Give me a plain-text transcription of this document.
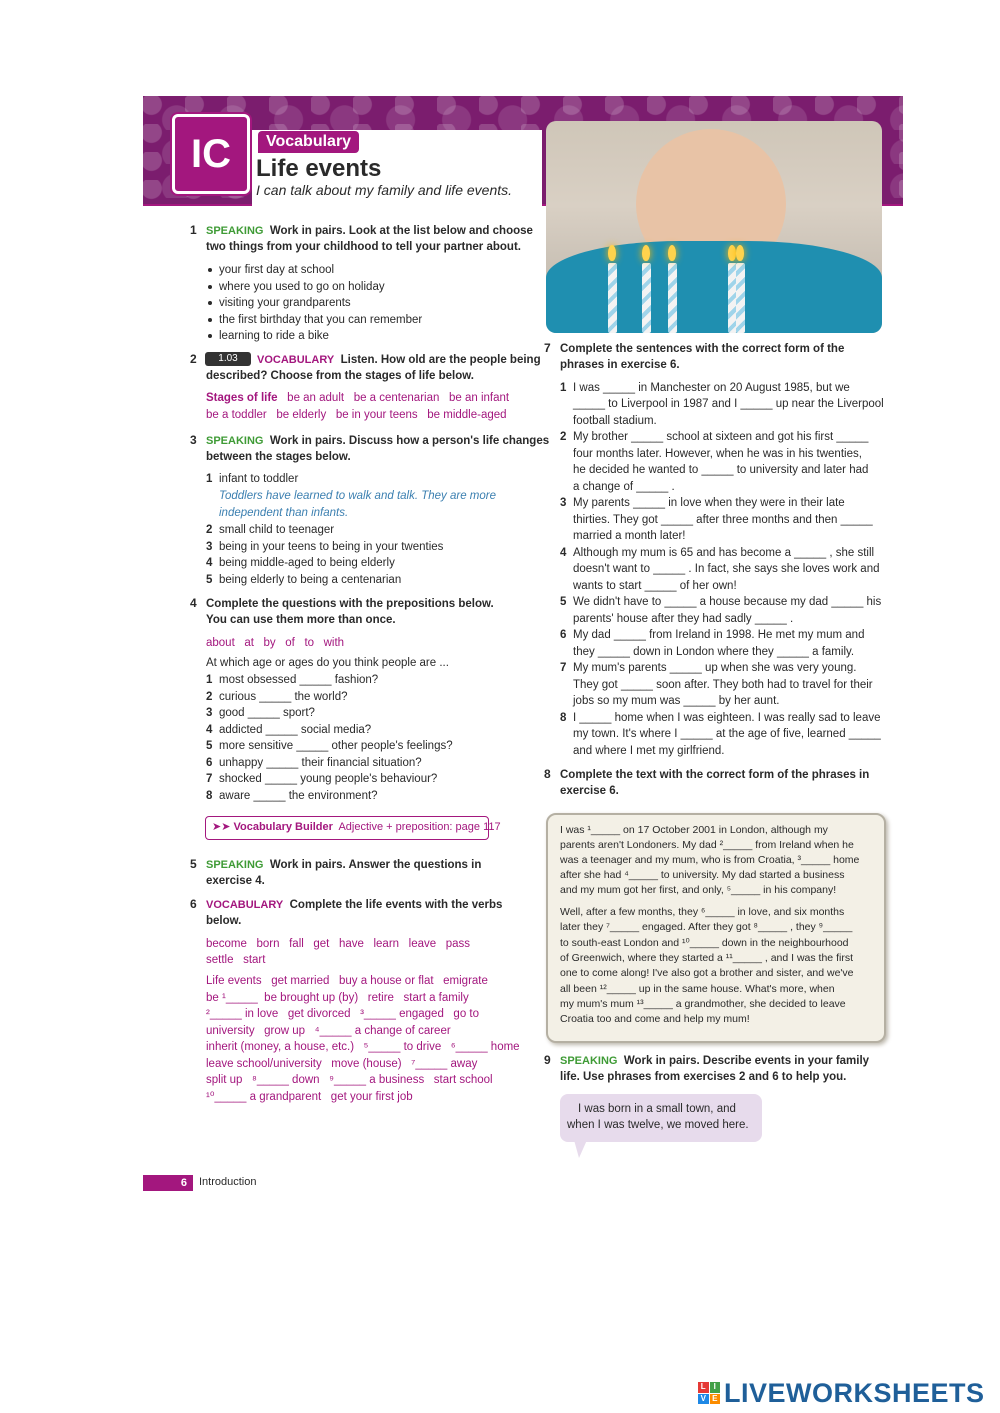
IC	Vocabulary
Life events
I can talk about my family and life events.
1 SPEAKING Work in pairs. Look at the list below and choose
two things from your childhood to tell your partner about.
your first day at school
where you used to go on holiday
visiting your grandparents
the first birthday that you can remember
learning to ride a bike
2	1.03	VOCABULARY Listen. How old are the people being
described? Choose from the stages of life below.
Stages of life be an adult be a centenarian be an infant
be a toddler be elderly be in your teens be middle-aged
3 SPEAKING Work in pairs. Discuss how a person's life changes
between the stages below.
1 infant to toddler
Toddlers have learned to walk and talk. They are more
independent than infants.
2 small child to teenager
3 being in your teens to being in your twenties
4 being middle-aged to being elderly
5 being elderly to being a centenarian
4 Complete the questions with the prepositions below.
You can use them more than once.
about   at   by   of   to   with
At which age or ages do you think people are ...
1 most obsessed _____ fashion?
2 curious _____ the world?
3 good _____ sport?
4 addicted _____ social media?
5 more sensitive _____ other people's feelings?
6 unhappy _____ their financial situation?
7 shocked _____ young people's behaviour?
8 aware _____ the environment?
➤➤ Vocabulary Builder Adjective + preposition: page 117
5 SPEAKING Work in pairs. Answer the questions in
exercise 4.
6 VOCABULARY Complete the life events with the verbs
below.
become   born   fall   get   have   learn   leave   pass
settle   start
Life events   get married   buy a house or flat   emigrate
be ¹_____  be brought up (by)   retire   start a family
²_____ in love   get divorced   ³_____ engaged   go to
university   grow up   ⁴_____ a change of career
inherit (money, a house, etc.)   ⁵_____ to drive   ⁶_____ home
leave school/university   move (house)   ⁷_____ away
split up   ⁸_____ down   ⁹_____ a business   start school
¹⁰_____ a grandparent   get your first job
7 Complete the sentences with the correct form of the
phrases in exercise 6.
1 I was _____ in Manchester on 20 August 1985, but we
_____ to Liverpool in 1987 and I _____ up near the Liverpool
football stadium.
2 My brother _____ school at sixteen and got his first _____
four months later. However, when he was in his twenties,
he decided he wanted to _____ to university and later had
a change of _____ .
3 My parents _____ in love when they were in their late
thirties. They got _____ after three months and then _____
married a month later!
4 Although my mum is 65 and has become a _____ , she still
doesn't want to _____ . In fact, she says she loves work and
wants to start _____ of her own!
5 We didn't have to _____ a house because my dad _____ his
parents' house after they had sadly _____ .
6 My dad _____ from Ireland in 1998. He met my mum and
they _____ down in London where they _____ a family.
7 My mum's parents _____ up when she was very young.
They got _____ soon after. They both had to travel for their
jobs so my mum was _____ by her aunt.
8 I _____ home when I was eighteen. I was really sad to leave
my town. It's where I _____ at the age of five, learned _____
and where I met my girlfriend.
8 Complete the text with the correct form of the phrases in
exercise 6.
I was ¹_____ on 17 October 2001 in London, although my
parents aren't Londoners. My dad ²_____ from Ireland when he
was a teenager and my mum, who is from Croatia, ³_____ home
after she had ⁴_____ to university. My dad started a business
and my mum got her first, and only, ⁵_____ in his company!
Well, after a few months, they ⁶_____ in love, and six months
later they ⁷_____ engaged. After they got ⁸_____ , they ⁹_____
to south-east London and ¹⁰_____ down in the neighbourhood
of Greenwich, where they started a ¹¹_____ , and I was the first
one to come along! I've also got a brother and sister, and we've
all been ¹²_____ up in the same house. What's more, when
my mum's mum ¹³_____ a grandmother, she decided to leave
Croatia too and come and help my mum!
9 SPEAKING Work in pairs. Describe events in your family
life. Use phrases from exercises 2 and 6 to help you.
I was born in a small town, and
when I was twelve, we moved here.
6	Introduction
L I
V E LIVEWORKSHEETS
